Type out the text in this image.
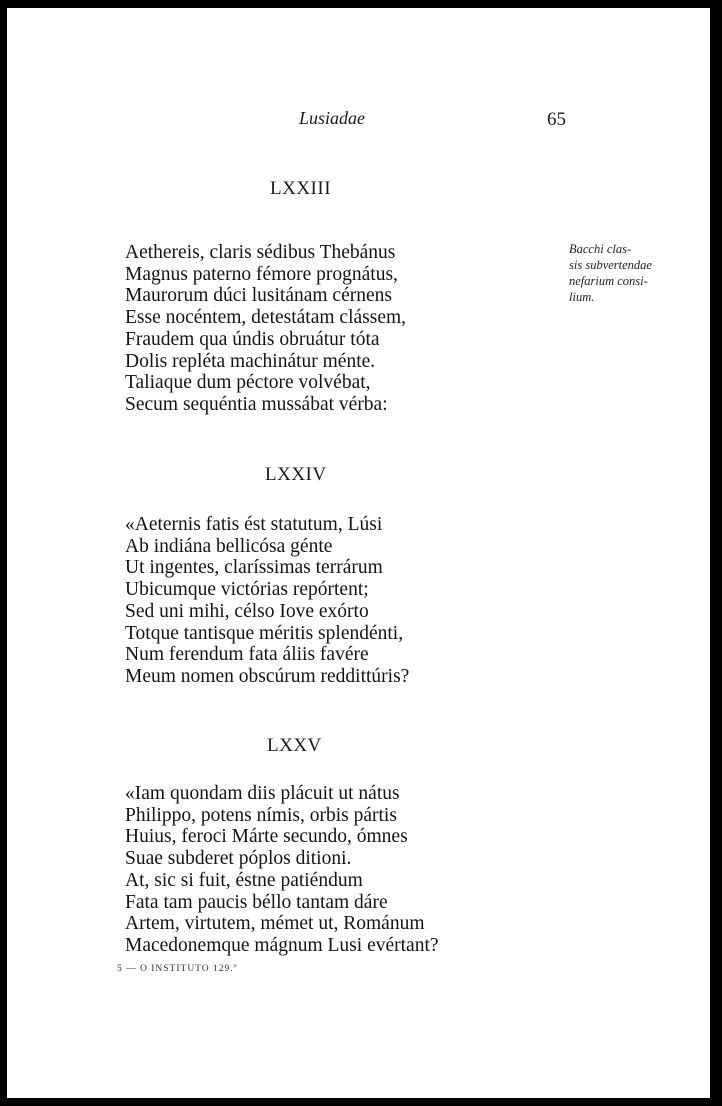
Lusiadae	65
LXXIII
Aethereis, claris sédibus Thebánus
Magnus paterno fémore prognátus,
Maurorum dúci lusitánam cérnens
Esse nocéntem, detestátam clássem,
Fraudem qua úndis obruátur tóta
Dolis repléta machinátur ménte.
Taliaque dum péctore volvébat,
Secum sequéntia mussábat vérba:
Bacchi clas-
sis subvertendae
nefarium consi-
lium.
LXXIV
«Aeternis fatis ést statutum, Lúsi
Ab indiána bellicósa génte
Ut ingentes, claríssimas terrárum
Ubicumque victórias repórtent;
Sed uni mihi, célso Iove exórto
Totque tantisque méritis splendénti,
Num ferendum fata áliis favére
Meum nomen obscúrum reddittúris?
LXXV
«Iam quondam diis plácuit ut nátus
Philippo, potens nímis, orbis pártis
Huius, feroci Márte secundo, ómnes
Suae subderet póplos ditioni.
At, sic si fuit, éstne patiéndum
Fata tam paucis béllo tantam dáre
Artem, virtutem, mémet ut, Románum
Macedonemque mágnum Lusi evértant?
5 — O INSTITUTO 129.º
